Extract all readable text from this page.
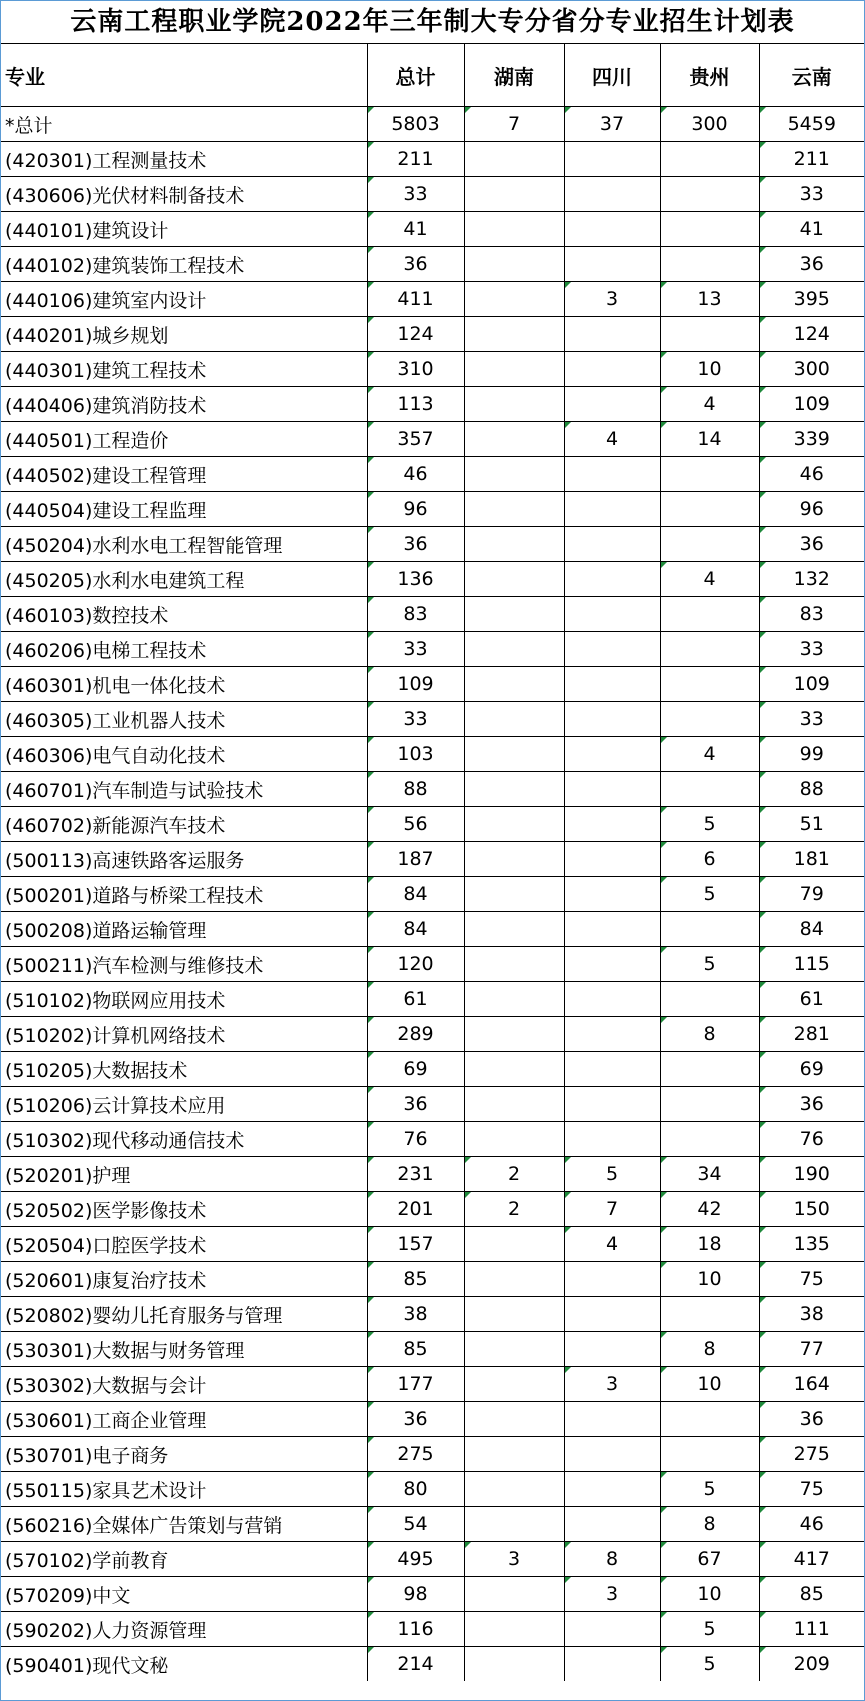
云南工程职业学院2022年三年制大专分省分专业招生计划表
专业	总计	湖南	四川	贵州	云南
*总计	5803	7	37	300	5459
(420301)工程测量技术	211				211
(430606)光伏材料制备技术	33				33
(440101)建筑设计	41				41
(440102)建筑装饰工程技术	36				36
(440106)建筑室内设计	411		3	13	395
(440201)城乡规划	124				124
(440301)建筑工程技术	310			10	300
(440406)建筑消防技术	113			4	109
(440501)工程造价	357		4	14	339
(440502)建设工程管理	46				46
(440504)建设工程监理	96				96
(450204)水利水电工程智能管理	36				36
(450205)水利水电建筑工程	136			4	132
(460103)数控技术	83				83
(460206)电梯工程技术	33				33
(460301)机电一体化技术	109				109
(460305)工业机器人技术	33				33
(460306)电气自动化技术	103			4	99
(460701)汽车制造与试验技术	88				88
(460702)新能源汽车技术	56			5	51
(500113)高速铁路客运服务	187			6	181
(500201)道路与桥梁工程技术	84			5	79
(500208)道路运输管理	84				84
(500211)汽车检测与维修技术	120			5	115
(510102)物联网应用技术	61				61
(510202)计算机网络技术	289			8	281
(510205)大数据技术	69				69
(510206)云计算技术应用	36				36
(510302)现代移动通信技术	76				76
(520201)护理	231	2	5	34	190
(520502)医学影像技术	201	2	7	42	150
(520504)口腔医学技术	157		4	18	135
(520601)康复治疗技术	85			10	75
(520802)婴幼儿托育服务与管理	38				38
(530301)大数据与财务管理	85			8	77
(530302)大数据与会计	177		3	10	164
(530601)工商企业管理	36				36
(530701)电子商务	275				275
(550115)家具艺术设计	80			5	75
(560216)全媒体广告策划与营销	54			8	46
(570102)学前教育	495	3	8	67	417
(570209)中文	98		3	10	85
(590202)人力资源管理	116			5	111
(590401)现代文秘	214			5	209
